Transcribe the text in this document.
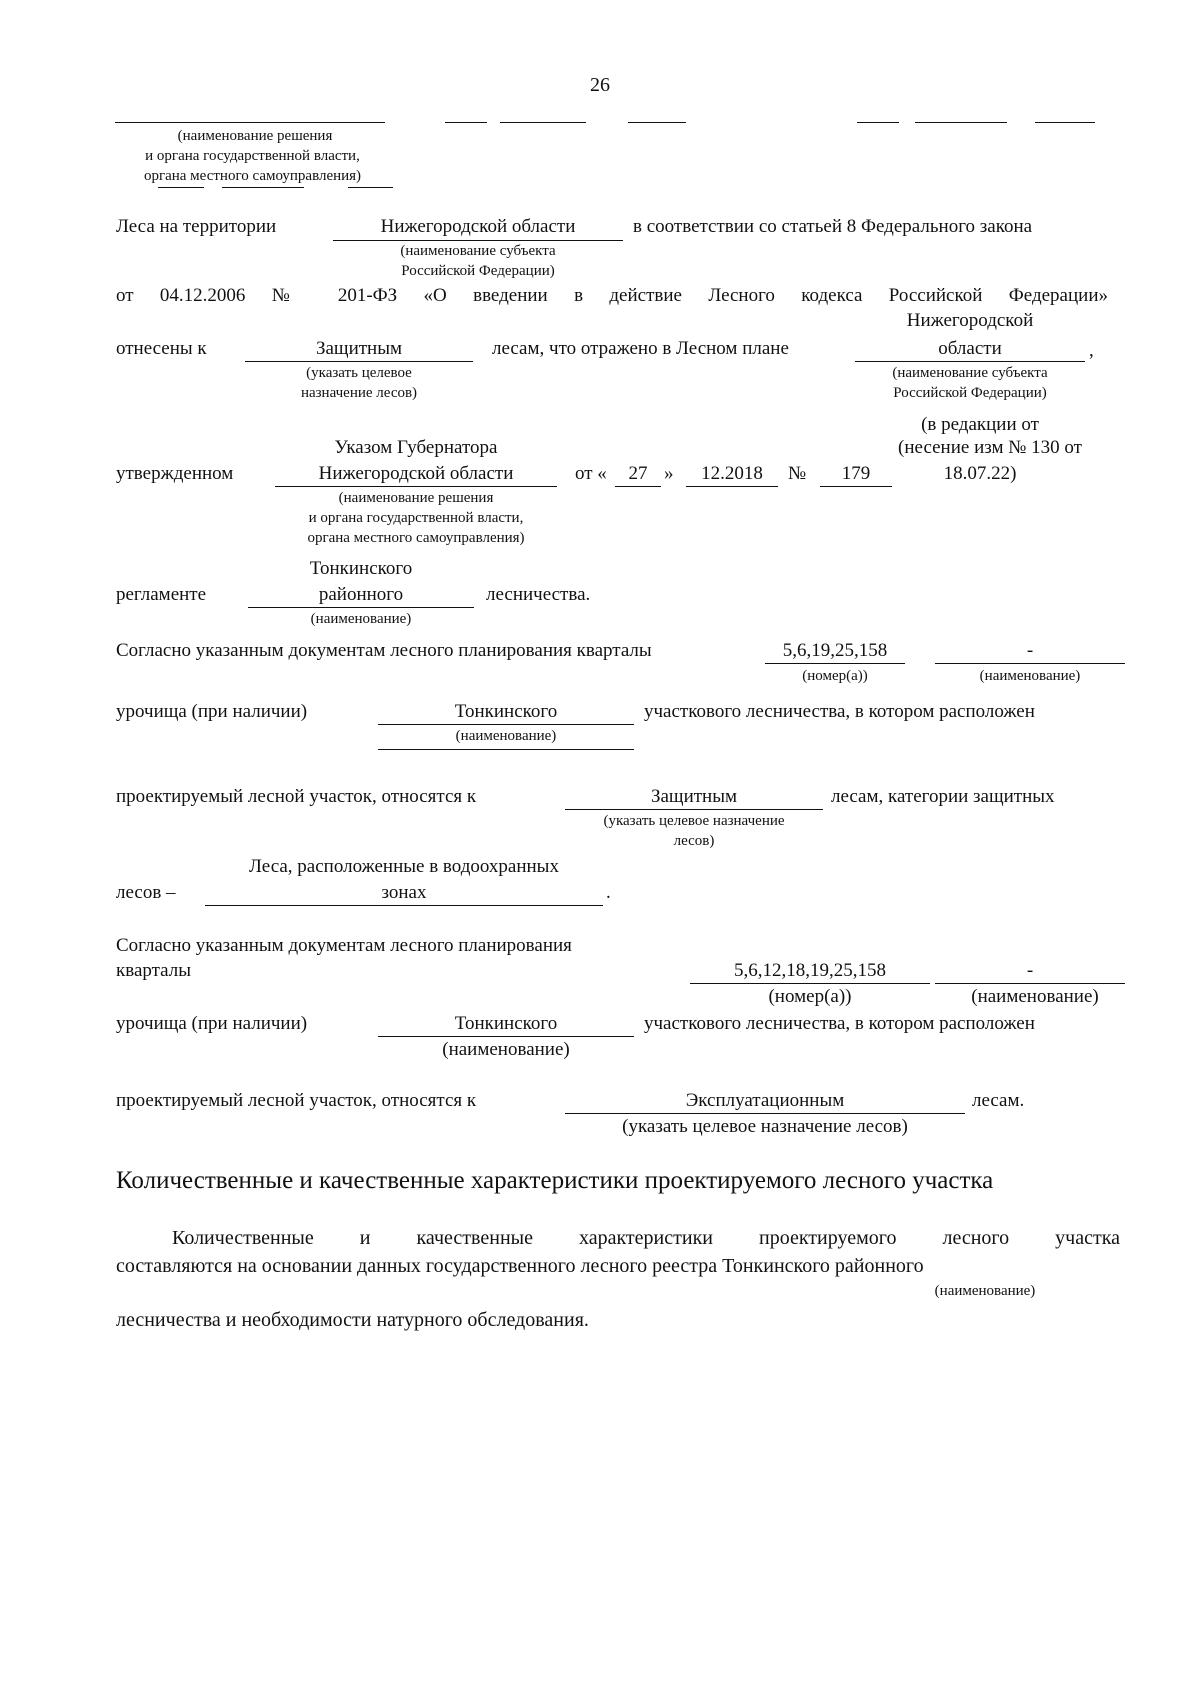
26
(наименование решения
и органа государственной власти,
органа местного самоуправления)
Леса на территории	Нижегородской области	в соответствии со статьей 8 Федерального закона
(наименование субъекта
Российской Федерации)
от 04.12.2006 № 201-ФЗ «О введении в действие Лесного кодекса Российской Федерации»
Нижегородской
отнесены к	Защитным	лесам, что отражено в Лесном плане	области	,
(указать целевое
назначение лесов)
(наименование субъекта
Российской Федерации)
(в редакции от
Указом Губернатора	(несение изм № 130 от
утвержденном	Нижегородской области	от «	27 »	12.2018	№	179	18.07.22)
(наименование решения
и органа государственной власти,
органа местного самоуправления)
Тонкинского
регламенте	районного	лесничества.
(наименование)
Согласно указанным документам лесного планирования кварталы	5,6,19,25,158	-
(номер(а))	(наименование)
урочища (при наличии)	Тонкинского	участкового лесничества, в котором расположен
(наименование)
проектируемый лесной участок, относятся к	Защитным	лесам, категории защитных
(указать целевое назначение
лесов)
Леса, расположенные в водоохранных
лесов –	зонах	.
Согласно указанным документам лесного планирования
кварталы	5,6,12,18,19,25,158	-
(номер(а))	(наименование)
урочища (при наличии)	Тонкинского	участкового лесничества, в котором расположен
(наименование)
проектируемый лесной участок, относятся к	Эксплуатационным	лесам.
(указать целевое назначение лесов)
Количественные и качественные характеристики проектируемого лесного участка
Количественные и качественные характеристики проектируемого лесного участка
составляются на основании данных государственного лесного реестра Тонкинского районного
(наименование)
лесничества и необходимости натурного обследования.
